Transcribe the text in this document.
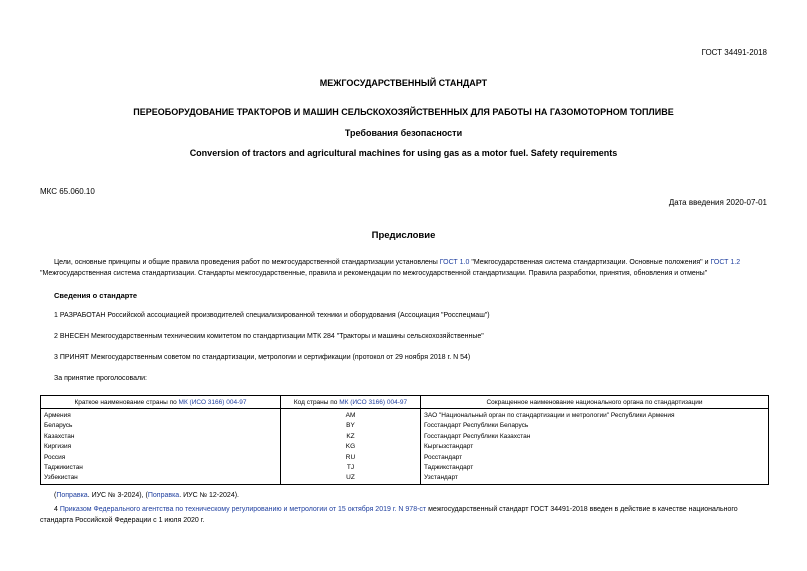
ГОСТ 34491-2018
МЕЖГОСУДАРСТВЕННЫЙ СТАНДАРТ
ПЕРЕОБОРУДОВАНИЕ ТРАКТОРОВ И МАШИН СЕЛЬСКОХОЗЯЙСТВЕННЫХ ДЛЯ РАБОТЫ НА ГАЗОМОТОРНОМ ТОПЛИВЕ
Требования безопасности
Conversion of tractors and agricultural machines for using gas as a motor fuel. Safety requirements
МКС 65.060.10
Дата введения 2020-07-01
Предисловие
Цели, основные принципы и общие правила проведения работ по межгосударственной стандартизации установлены ГОСТ 1.0 "Межгосударственная система стандартизации. Основные положения" и ГОСТ 1.2 "Межгосударственная система стандартизации. Стандарты межгосударственные, правила и рекомендации по межгосударственной стандартизации. Правила разработки, принятия, обновления и отмены"
Сведения о стандарте
1 РАЗРАБОТАН Российской ассоциацией производителей специализированной техники и оборудования (Ассоциация "Росспецмаш")
2 ВНЕСЕН Межгосударственным техническим комитетом по стандартизации МТК 284 "Тракторы и машины сельскохозяйственные"
3 ПРИНЯТ Межгосударственным советом по стандартизации, метрологии и сертификации (протокол от 29 ноября 2018 г. N 54)
За принятие проголосовали:
Краткое наименование страны по МК (ИСО 3166) 004-97	Код страны по МК (ИСО 3166) 004-97	Сокращенное наименование национального органа по стандартизации
Армения	AM	ЗАО "Национальный орган по стандартизации и метрологии" Республики Армения
Беларусь	BY	Госстандарт Республики Беларусь
Казахстан	KZ	Госстандарт Республики Казахстан
Киргизия	KG	Кыргызстандарт
Россия	RU	Росстандарт
Таджикистан	TJ	Таджикстандарт
Узбекистан	UZ	Узстандарт
(Поправка. ИУС № 3-2024), (Поправка. ИУС № 12-2024).
4 Приказом Федерального агентства по техническому регулированию и метрологии от 15 октября 2019 г. N 978-ст межгосударственный стандарт ГОСТ 34491-2018 введен в действие в качестве национального стандарта Российской Федерации с 1 июля 2020 г.
